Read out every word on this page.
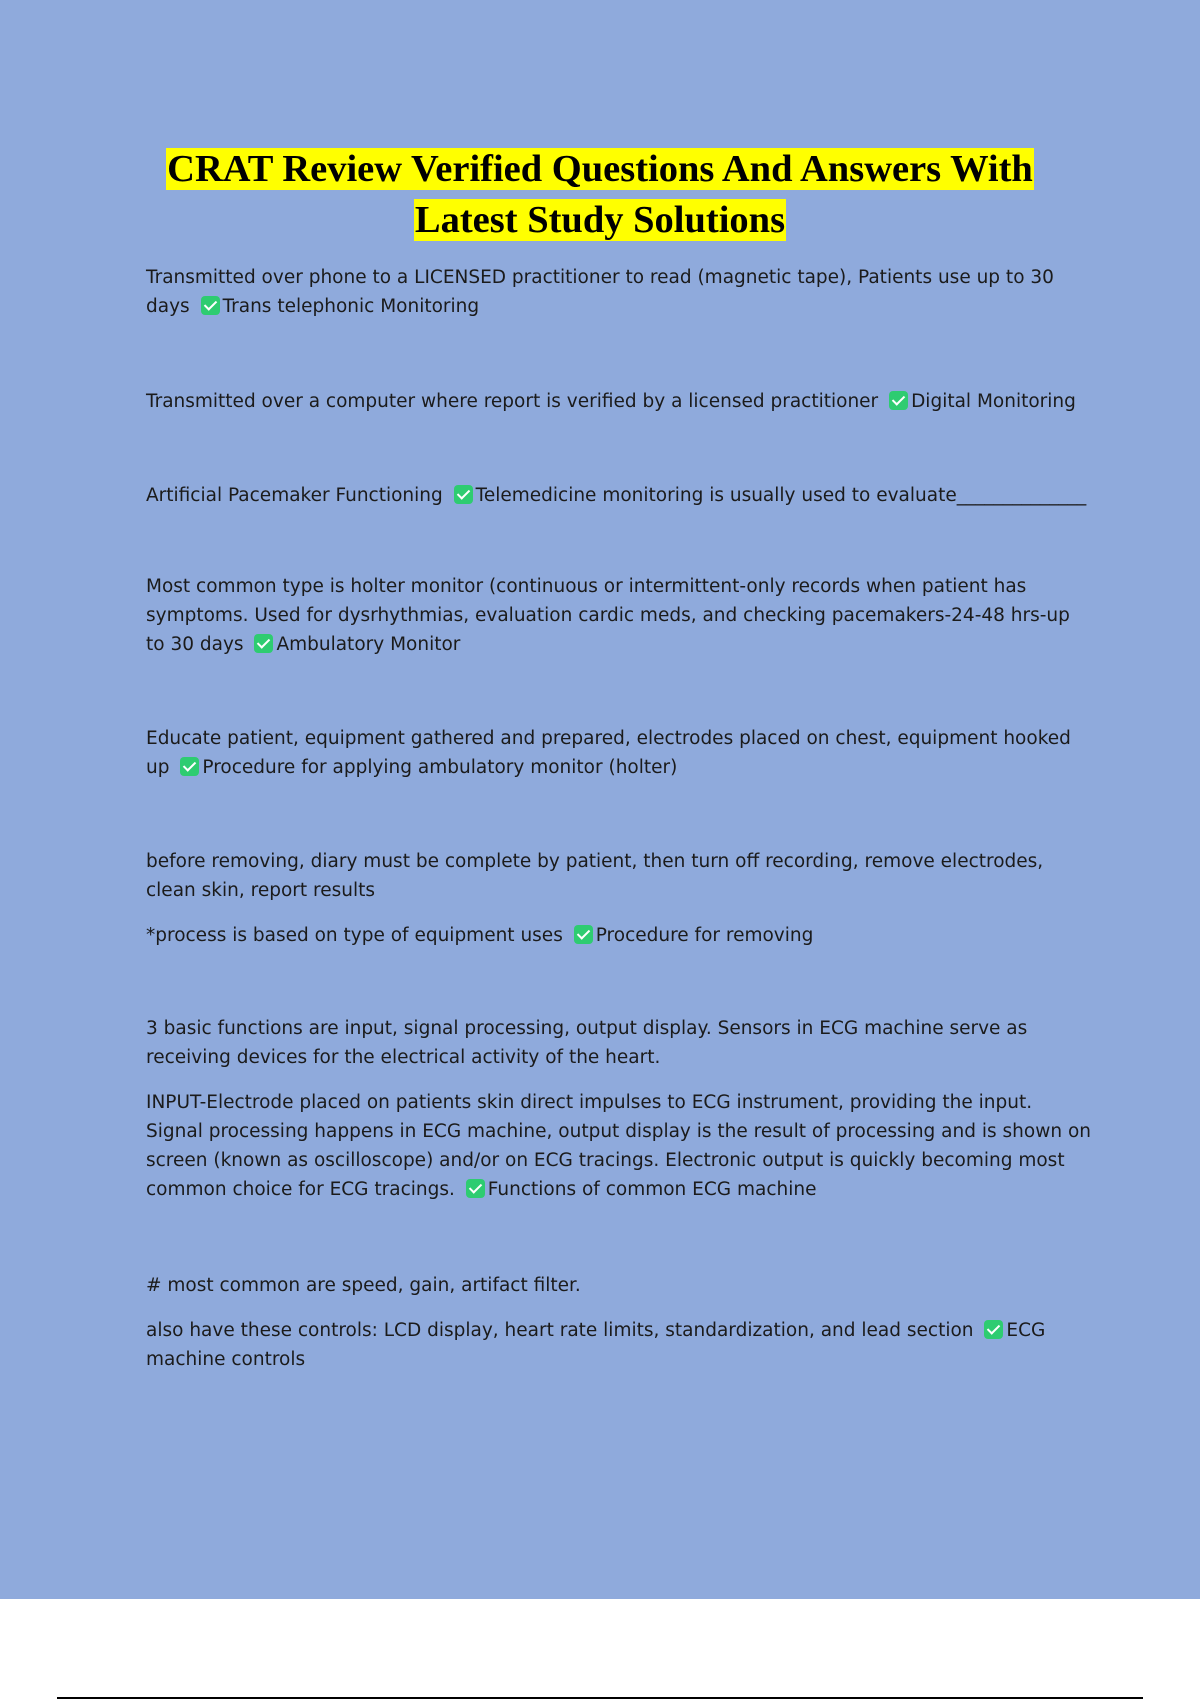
CRAT Review Verified Questions And Answers With
Latest Study Solutions

Transmitted over phone to a LICENSED practitioner to read (magnetic tape), Patients use up to 30 days Trans telephonic Monitoring

Transmitted over a computer where report is verified by a licensed practitioner Digital Monitoring

Artificial Pacemaker Functioning Telemedicine monitoring is usually used to evaluate______________

Most common type is holter monitor (continuous or intermittent-only records when patient has symptoms. Used for dysrhythmias, evaluation cardic meds, and checking pacemakers-24-48 hrs-up to 30 days Ambulatory Monitor

Educate patient, equipment gathered and prepared, electrodes placed on chest, equipment hooked up Procedure for applying ambulatory monitor (holter)

before removing, diary must be complete by patient, then turn off recording, remove electrodes, clean skin, report results

*process is based on type of equipment uses Procedure for removing

3 basic functions are input, signal processing, output display. Sensors in ECG machine serve as receiving devices for the electrical activity of the heart.

INPUT-Electrode placed on patients skin direct impulses to ECG instrument, providing the input. Signal processing happens in ECG machine, output display is the result of processing and is shown on screen (known as oscilloscope) and/or on ECG tracings. Electronic output is quickly becoming most common choice for ECG tracings. Functions of common ECG machine

# most common are speed, gain, artifact filter.

also have these controls: LCD display, heart rate limits, standardization, and lead section ECG machine controls
